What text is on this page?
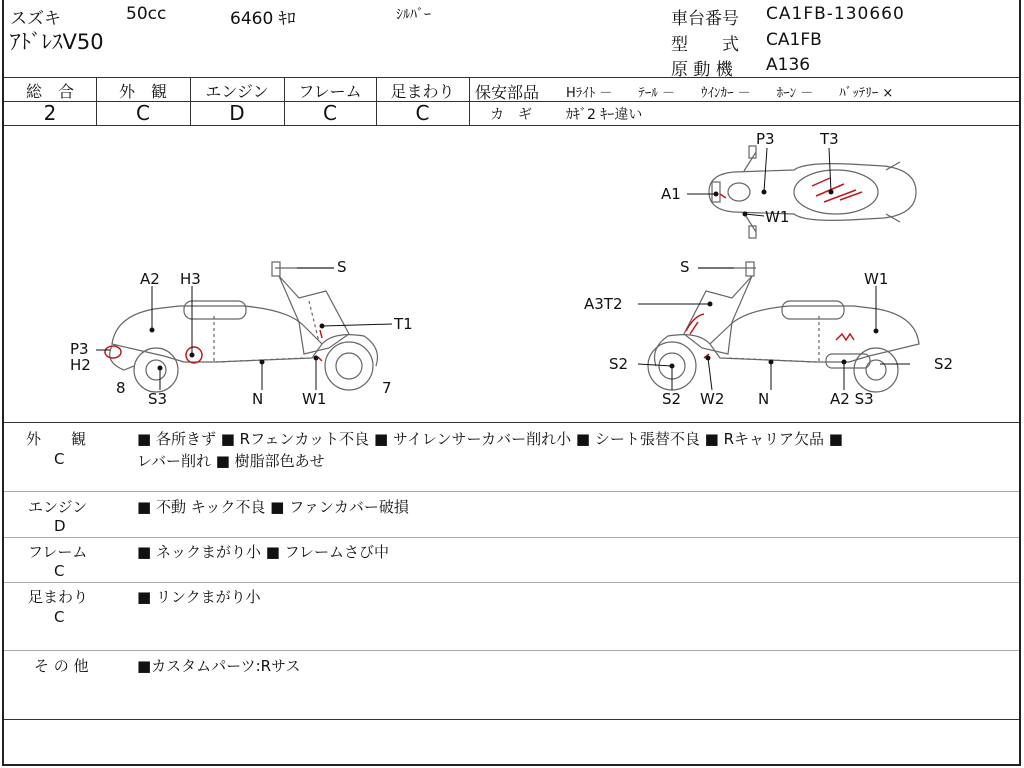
スズキ	50cc	6460 ｷﾛ	ｼﾙﾊﾞｰ
ｱﾄﾞﾚｽV50
車台番号 CA1FB-130660
型　　式 CA1FB
原 動 機 A136
総　合
2
外　観
C
エンジン
D
フレーム
C
足まわり
C
保安部品 Hﾗｲﾄ －　　ﾃｰﾙ －　　ｳｲﾝｶｰ －　　ﾎｰﾝ －　　ﾊﾞｯﾃﾘｰ ×
カ　ギ ｶｷﾞ2 ｷｰ違い
P3	T3
A1
W1
S
A2 H3
T1
P3
H2
8
S3	N	W1
7
S
W1
A3T2
S2	S2
S2 W2 N	A2 S3
外　　観
C
■ 各所きず ■ Rフェンカット不良 ■ サイレンサーカバー削れ小 ■ シート張替不良 ■ Rキャリア欠品 ■
レバー削れ ■ 樹脂部色あせ
エンジン
D
■ 不動 キック不良 ■ ファンカバー破損
フレーム
C
■ ネックまがり小 ■ フレームさび中
足まわり
C
■ リンクまがり小
そ の 他	■カスタムパーツ:Rサス
